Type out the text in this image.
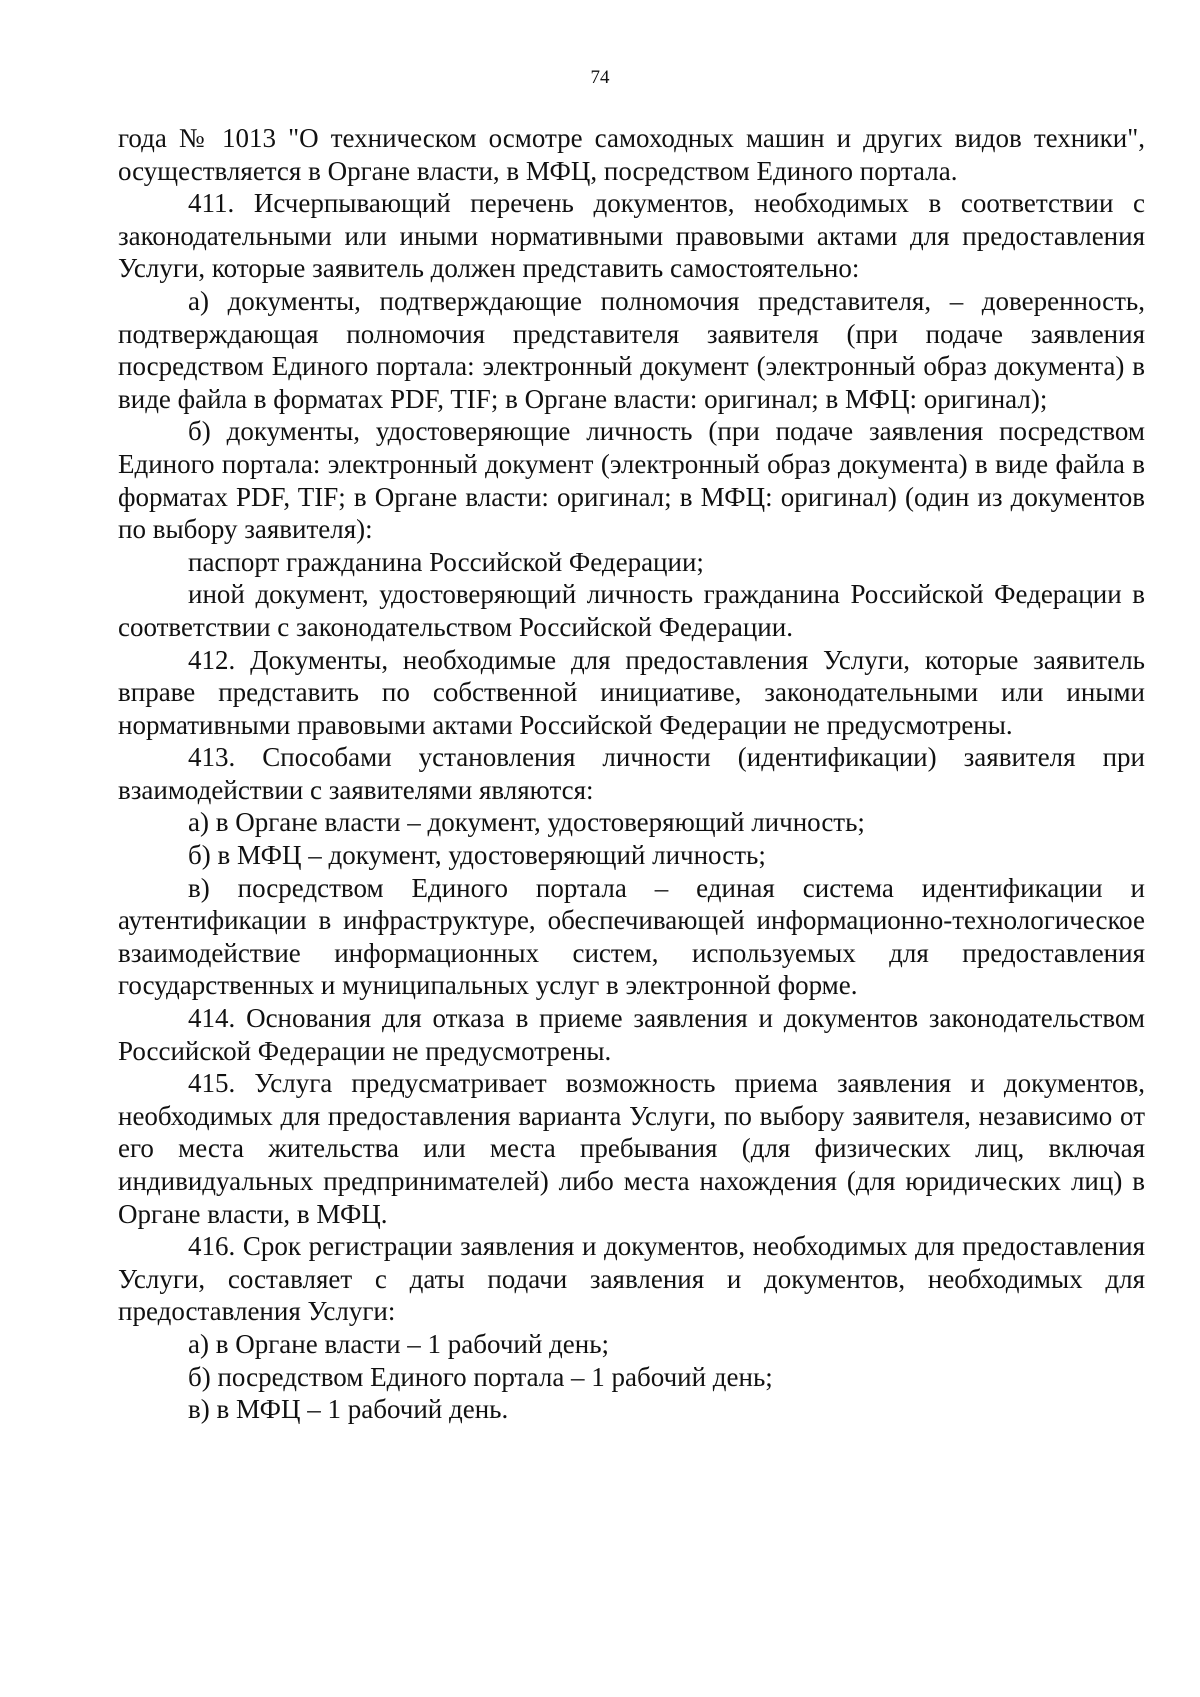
74

года № 1013 "О техническом осмотре самоходных машин и других видов техники", осуществляется в Органе власти, в МФЦ, посредством Единого портала.

411. Исчерпывающий перечень документов, необходимых в соответствии с законодательными или иными нормативными правовыми актами для предоставления Услуги, которые заявитель должен представить самостоятельно:

а) документы, подтверждающие полномочия представителя, – доверенность, подтверждающая полномочия представителя заявителя (при подаче заявления посредством Единого портала: электронный документ (электронный образ документа) в виде файла в форматах PDF, TIF; в Органе власти: оригинал; в МФЦ: оригинал);

б) документы, удостоверяющие личность (при подаче заявления посредством Единого портала: электронный документ (электронный образ документа) в виде файла в форматах PDF, TIF; в Органе власти: оригинал; в МФЦ: оригинал) (один из документов по выбору заявителя):

паспорт гражданина Российской Федерации;

иной документ, удостоверяющий личность гражданина Российской Федерации в соответствии с законодательством Российской Федерации.

412. Документы, необходимые для предоставления Услуги, которые заявитель вправе представить по собственной инициативе, законодательными или иными нормативными правовыми актами Российской Федерации не предусмотрены.

413. Способами установления личности (идентификации) заявителя при взаимодействии с заявителями являются:

а) в Органе власти – документ, удостоверяющий личность;

б) в МФЦ – документ, удостоверяющий личность;

в) посредством Единого портала – единая система идентификации и аутентификации в инфраструктуре, обеспечивающей информационно-технологическое взаимодействие информационных систем, используемых для предоставления государственных и муниципальных услуг в электронной форме.

414. Основания для отказа в приеме заявления и документов законодательством Российской Федерации не предусмотрены.

415. Услуга предусматривает возможность приема заявления и документов, необходимых для предоставления варианта Услуги, по выбору заявителя, независимо от его места жительства или места пребывания (для физических лиц, включая индивидуальных предпринимателей) либо места нахождения (для юридических лиц) в Органе власти, в МФЦ.

416. Срок регистрации заявления и документов, необходимых для предоставления Услуги, составляет с даты подачи заявления и документов, необходимых для предоставления Услуги:

а) в Органе власти – 1 рабочий день;

б) посредством Единого портала – 1 рабочий день;

в) в МФЦ – 1 рабочий день.
